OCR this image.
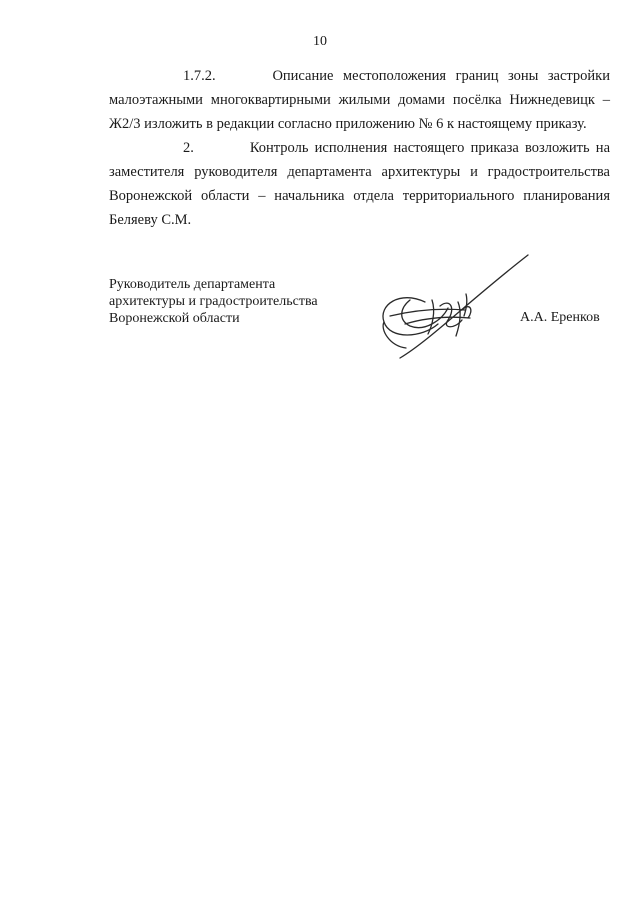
10

1.7.2.	Описание местоположения границ зоны застройки малоэтажными многоквартирными жилыми домами посёлка Нижнедевицк – Ж2/3 изложить в редакции согласно приложению № 6 к настоящему приказу.

2.	Контроль исполнения настоящего приказа возложить на заместителя руководителя департамента архитектуры и градостроительства Воронежской области – начальника отдела территориального планирования Беляеву С.М.

Руководитель департамента
архитектуры и градостроительства
Воронежской области	А.А. Еренков
